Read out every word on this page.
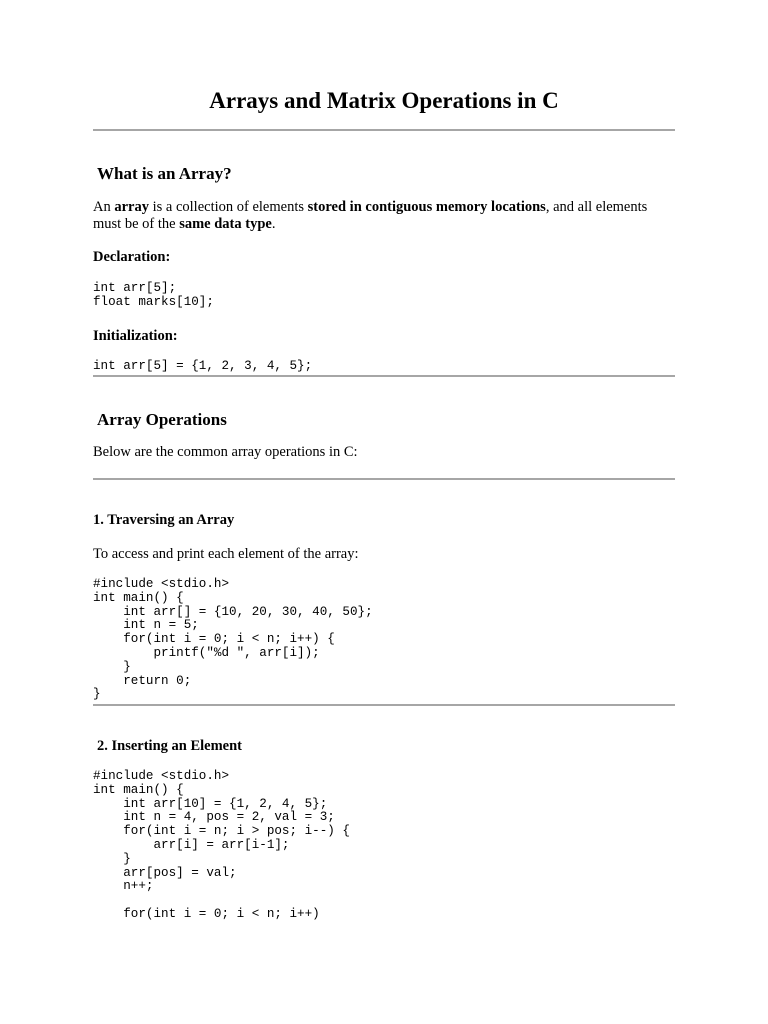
Arrays and Matrix Operations in C
What is an Array?

An array is a collection of elements stored in contiguous memory locations, and all elements must be of the same data type.

Declaration:
int arr[5];
float marks[10];
Initialization:
int arr[5] = {1, 2, 3, 4, 5};
Array Operations

Below are the common array operations in C:

1. Traversing an Array

To access and print each element of the array:

#include <stdio.h>
int main() {
int arr[] = {10, 20, 30, 40, 50};
int n = 5;
for(int i = 0; i < n; i++) {
printf("%d ", arr[i]);
}
return 0;
}
2. Inserting an Element
#include <stdio.h>
int main() {
int arr[10] = {1, 2, 4, 5};
int n = 4, pos = 2, val = 3;
for(int i = n; i > pos; i--) {
arr[i] = arr[i-1];
}
arr[pos] = val;
n++;
for(int i = 0; i < n; i++)
